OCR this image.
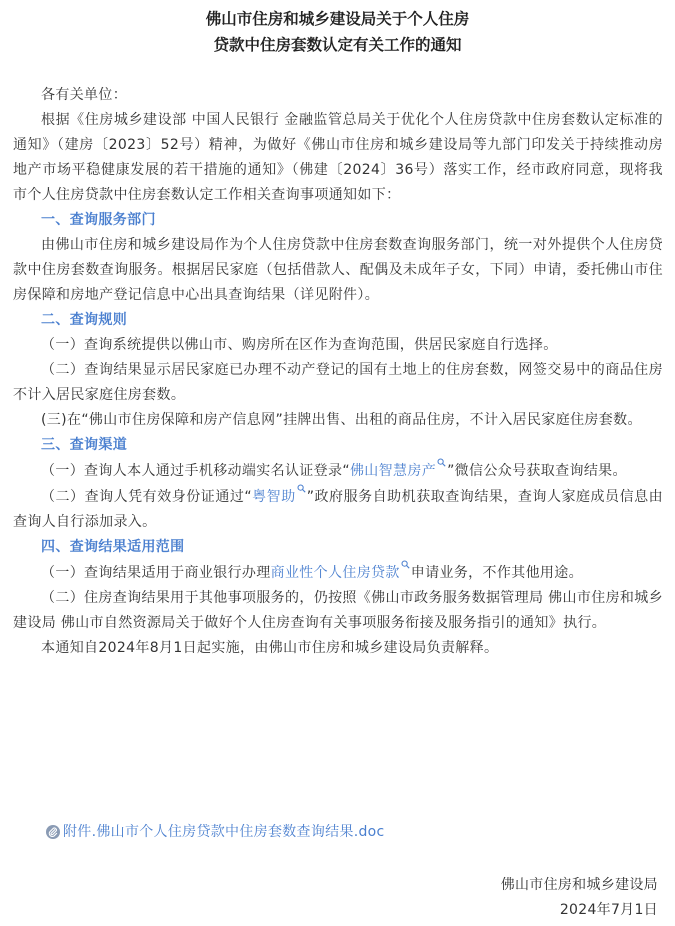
佛山市住房和城乡建设局关于个人住房
贷款中住房套数认定有关工作的通知

各有关单位：

根据《住房城乡建设部 中国人民银行 金融监管总局关于优化个人住房贷款中住房套数认定标准的通知》（建房〔2023〕52号）精神，为做好《佛山市住房和城乡建设局等九部门印发关于持续推动房地产市场平稳健康发展的若干措施的通知》（佛建〔2024〕36号）落实工作，经市政府同意，现将我市个人住房贷款中住房套数认定工作相关查询事项通知如下：

一、查询服务部门

由佛山市住房和城乡建设局作为个人住房贷款中住房套数查询服务部门，统一对外提供个人住房贷款中住房套数查询服务。根据居民家庭（包括借款人、配偶及未成年子女，下同）申请，委托佛山市住房保障和房地产登记信息中心出具查询结果（详见附件）。

二、查询规则

（一）查询系统提供以佛山市、购房所在区作为查询范围，供居民家庭自行选择。

（二）查询结果显示居民家庭已办理不动产登记的国有土地上的住房套数，网签交易中的商品住房不计入居民家庭住房套数。

(三)在“佛山市住房保障和房产信息网”挂牌出售、出租的商品住房，不计入居民家庭住房套数。

三、查询渠道

（一）查询人本人通过手机移动端实名认证登录“佛山智慧房产 ”微信公众号获取查询结果。

（二）查询人凭有效身份证通过“粤智助 ”政府服务自助机获取查询结果，查询人家庭成员信息由查询人自行添加录入。

四、查询结果适用范围

（一）查询结果适用于商业银行办理商业性个人住房贷款 申请业务，不作其他用途。

（二）住房查询结果用于其他事项服务的，仍按照《佛山市政务服务数据管理局 佛山市住房和城乡建设局 佛山市自然资源局关于做好个人住房查询有关事项服务衔接及服务指引的通知》执行。

本通知自2024年8月1日起实施，由佛山市住房和城乡建设局负责解释。

附件.佛山市个人住房贷款中住房套数查询结果.doc
佛山市住房和城乡建设局
2024年7月1日
